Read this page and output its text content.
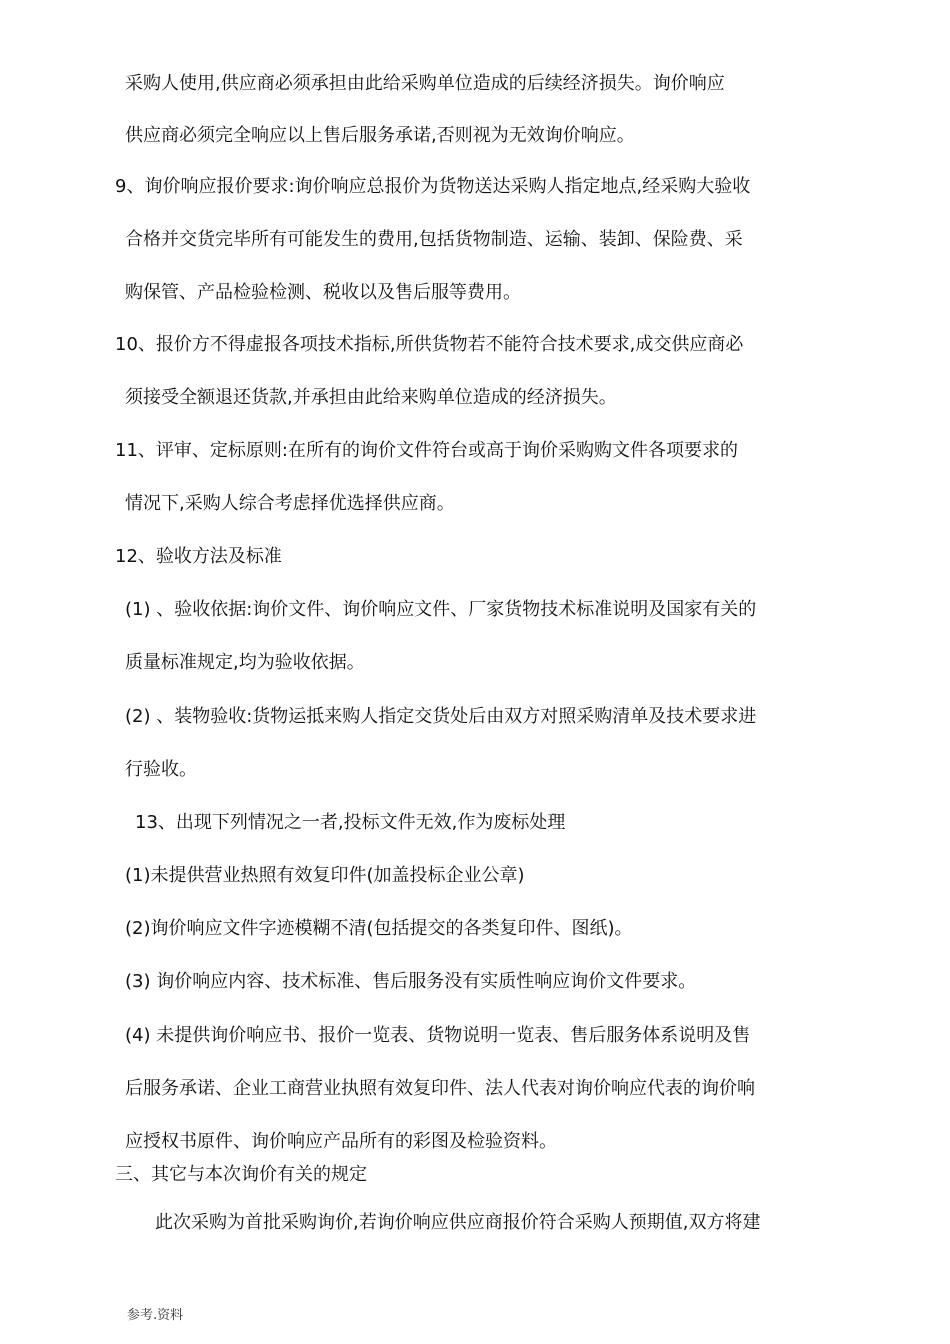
采购人使用,供应商必须承担由此给采购单位造成的后续经济损失。询价响应
供应商必须完全响应以上售后服务承诺,否则视为无效询价响应。
9、询价响应报价要求:询价响应总报价为货物送达采购人指定地点,经采购大验收
合格并交货完毕所有可能发生的费用,包括货物制造、运输、装卸、保险费、采
购保管、产品检验检测、税收以及售后服等费用。
10、报价方不得虚报各项技术指标,所供货物若不能符合技术要求,成交供应商必
须接受全额退还货款,并承担由此给来购单位造成的经济损失。
11、评审、定标原则:在所有的询价文件符台或高于询价采购购文件各项要求的
情况下,采购人综合考虑择优选择供应商。
12、验收方法及标准
(1) 、验收依据:询价文件、询价响应文件、厂家货物技术标准说明及国家有关的
质量标准规定,均为验收依据。
(2) 、装物验收:货物运抵来购人指定交货处后由双方对照采购清单及技术要求进
行验收。
13、出现下列情况之一者,投标文件无效,作为废标处理
(1)未提供营业热照有效复印件(加盖投标企业公章)
(2)询价响应文件字迹模糊不清(包括提交的各类复印件、图纸)。
(3) 询价响应内容、技术标准、售后服务没有实质性响应询价文件要求。
(4) 未提供询价响应书、报价一览表、货物说明一览表、售后服务体系说明及售
后服务承诺、企业工商营业执照有效复印件、法人代表对询价响应代表的询价响
应授权书原件、询价响应产品所有的彩图及检验资料。
三、其它与本次询价有关的规定
此次采购为首批采购询价,若询价响应供应商报价符合采购人预期值,双方将建
参考.资料
